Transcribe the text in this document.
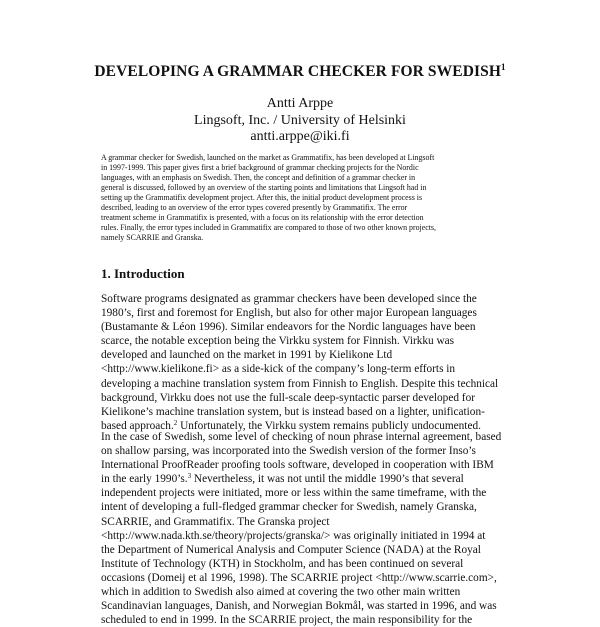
DEVELOPING A GRAMMAR CHECKER FOR SWEDISH$^1$
Antti Arppe
Lingsoft, Inc. / University of Helsinki
antti.arppe@iki.fi
A grammar checker for Swedish, launched on the market as Grammatifix, has been developed at Lingsoft
in 1997-1999. This paper gives first a brief background of grammar checking projects for the Nordic
languages, with an emphasis on Swedish. Then, the concept and definition of a grammar checker in
general is discussed, followed by an overview of the starting points and limitations that Lingsoft had in
setting up the Grammatifix development project. After this, the initial product development process is
described, leading to an overview of the error types covered presently by Grammatifix. The error
treatment scheme in Grammatifix is presented, with a focus on its relationship with the error detection
rules. Finally, the error types included in Grammatifix are compared to those of two other known projects,
namely SCARRIE and Granska.
1. Introduction
Software programs designated as grammar checkers have been developed since the
1980’s, first and foremost for English, but also for other major European languages
(Bustamante & Léon 1996). Similar endeavors for the Nordic languages have been
scarce, the notable exception being the Virkku system for Finnish. Virkku was
developed and launched on the market in 1991 by Kielikone Ltd
<http://www.kielikone.fi> as a side-kick of the company’s long-term efforts in
developing a machine translation system from Finnish to English. Despite this technical
background, Virkku does not use the full-scale deep-syntactic parser developed for
Kielikone’s machine translation system, but is instead based on a lighter, unification-
based approach.$^2$ Unfortunately, the Virkku system remains publicly undocumented.
In the case of Swedish, some level of checking of noun phrase internal agreement, based
on shallow parsing, was incorporated into the Swedish version of the former Inso’s
International ProofReader proofing tools software, developed in cooperation with IBM
in the early 1990’s.$^3$ Nevertheless, it was not until the middle 1990’s that several
independent projects were initiated, more or less within the same timeframe, with the
intent of developing a full-fledged grammar checker for Swedish, namely Granska,
SCARRIE, and Grammatifix. The Granska project
<http://www.nada.kth.se/theory/projects/granska/> was originally initiated in 1994 at
the Department of Numerical Analysis and Computer Science (NADA) at the Royal
Institute of Technology (KTH) in Stockholm, and has been continued on several
occasions (Domeij et al 1996, 1998). The SCARRIE project <http://www.scarrie.com>,
which in addition to Swedish also aimed at covering the two other main written
Scandinavian languages, Danish, and Norwegian Bokmål, was started in 1996, and was
scheduled to end in 1999. In the SCARRIE project, the main responsibility for the
